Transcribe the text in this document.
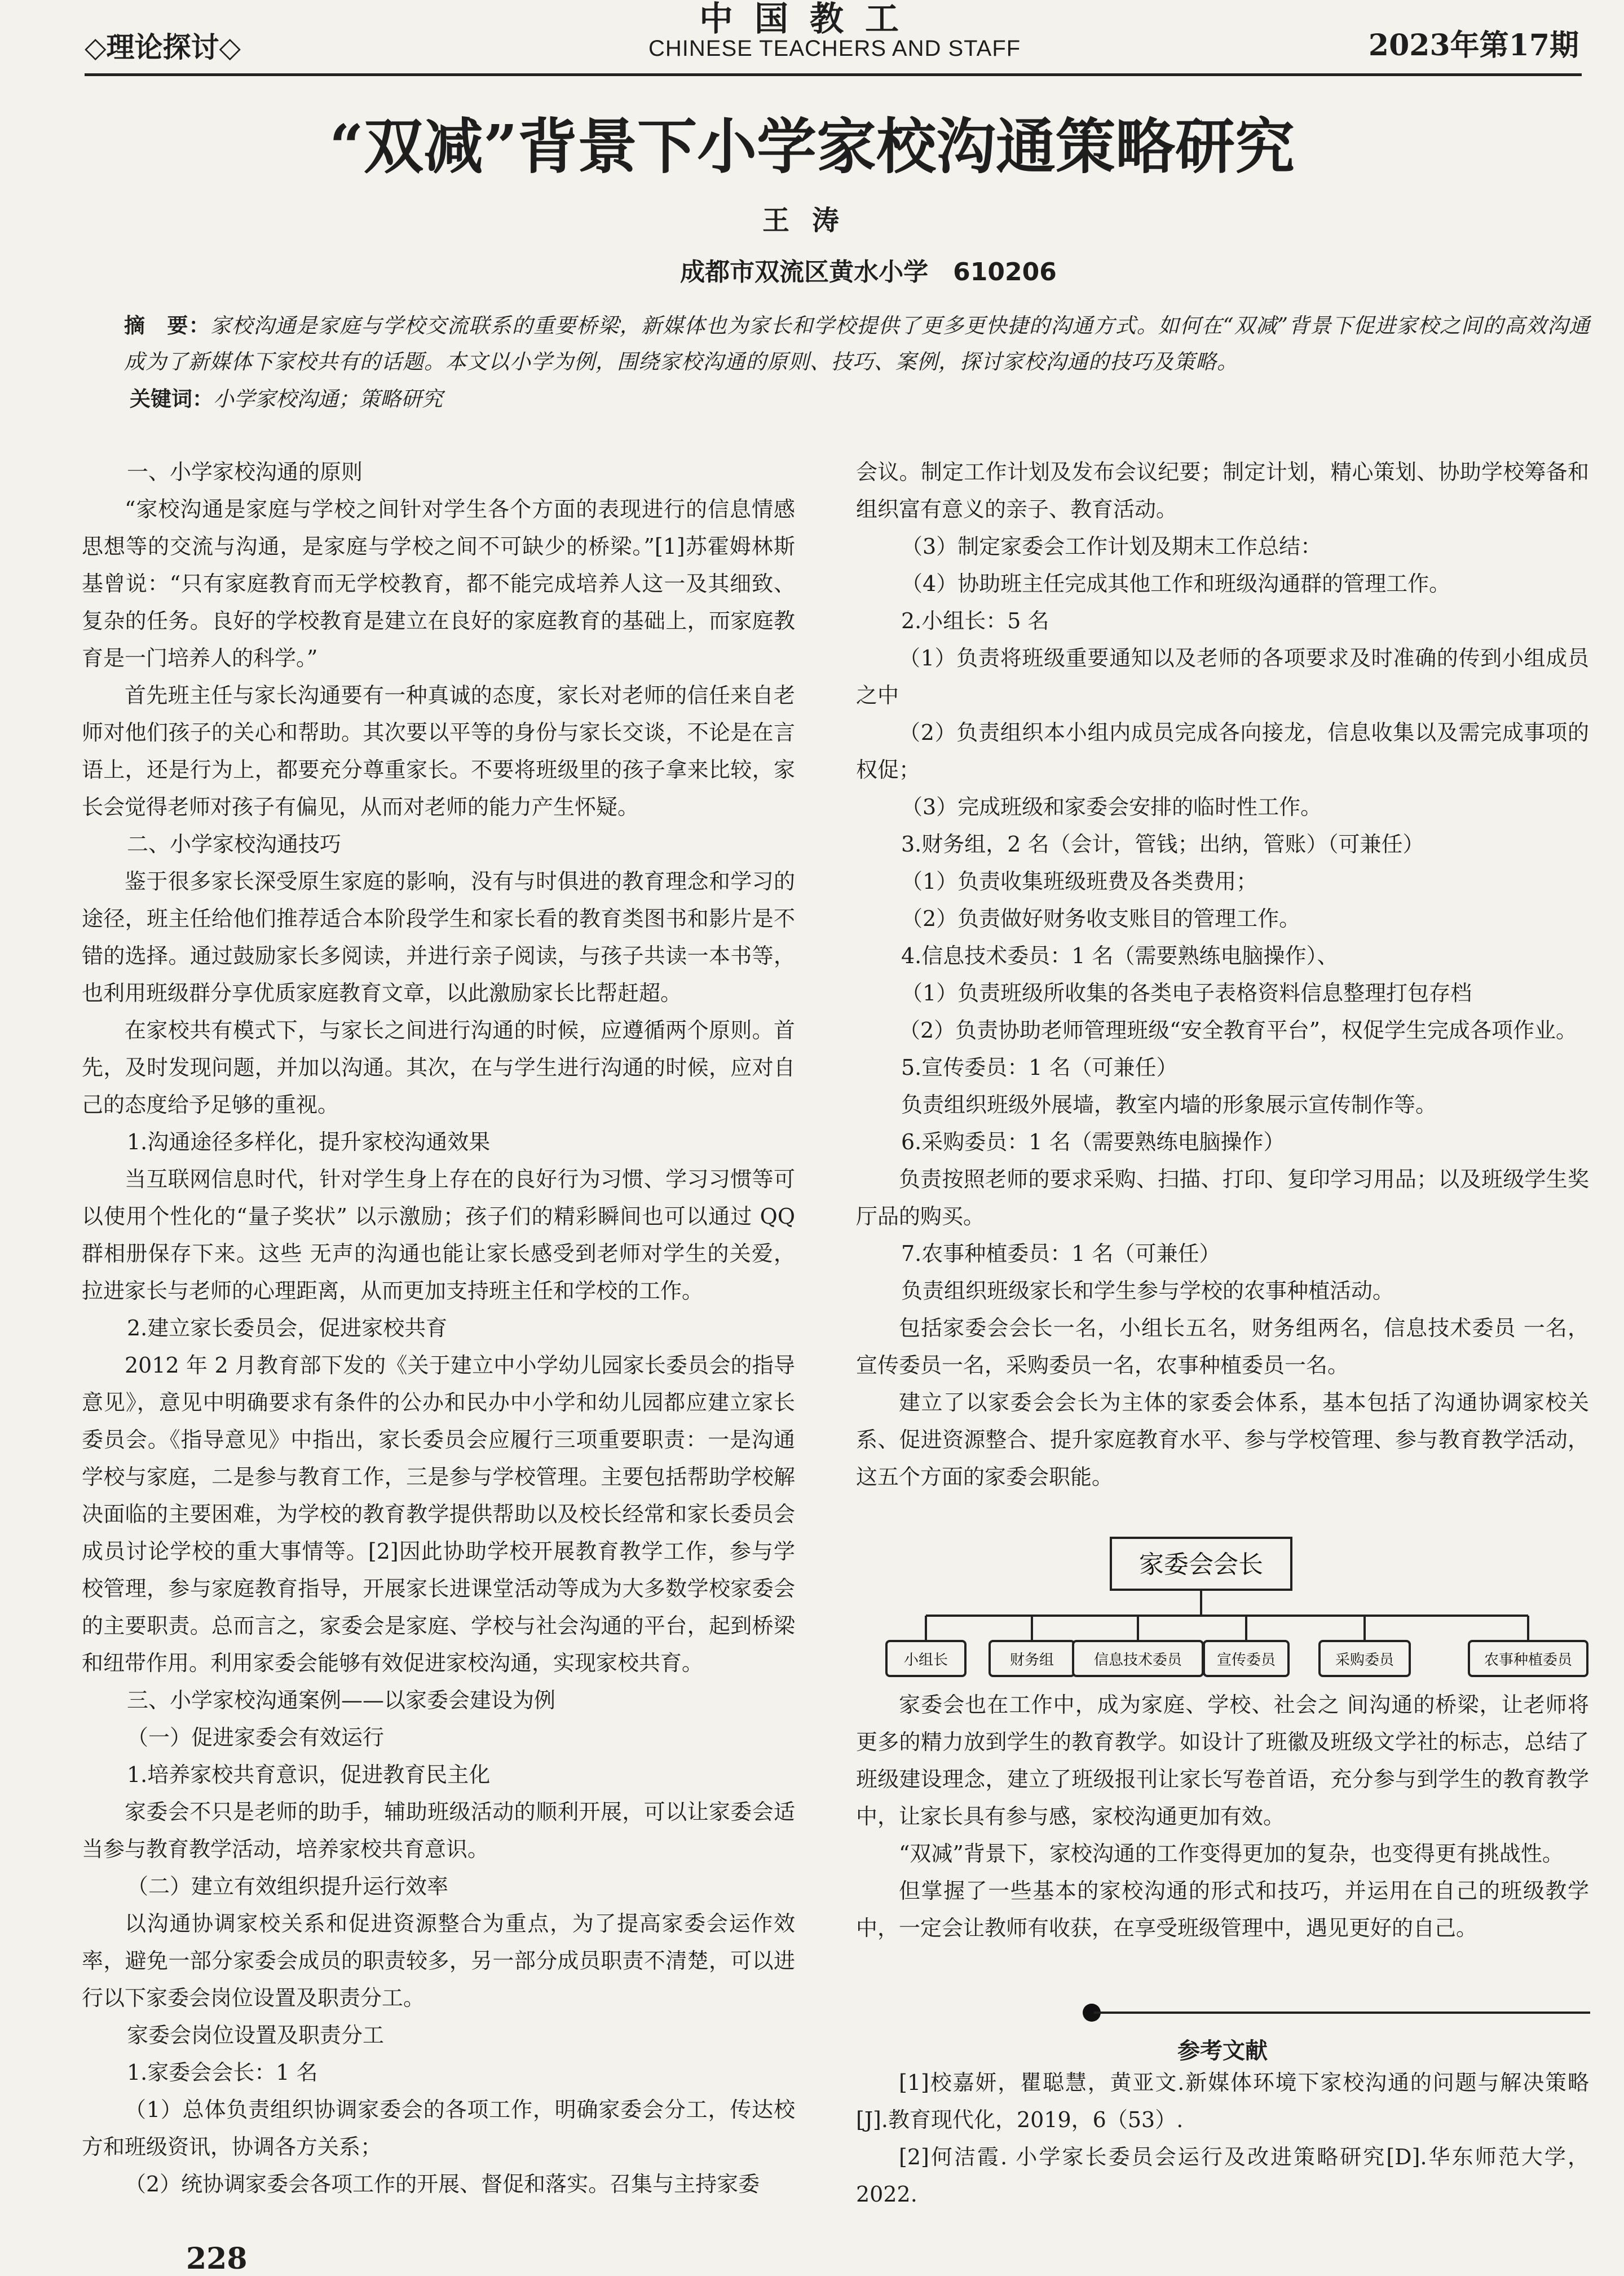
◇理论探讨◇
中国教工
CHINESE TEACHERS AND STAFF	2023年第17期
“双减”背景下小学家校沟通策略研究
王涛
成都市双流区黄水小学　610206
摘　要：家校沟通是家庭与学校交流联系的重要桥梁，新媒体也为家长和学校提供了更多更快捷的沟通方式。如何在“双减”背景下促进家校之间的高效沟通成为了新媒体下家校共有的话题。本文以小学为例，围绕家校沟通的原则、技巧、案例，探讨家校沟通的技巧及策略。
关键词：小学家校沟通；策略研究
一、小学家校沟通的原则
“家校沟通是家庭与学校之间针对学生各个方面的表现进行的信息情感思想等的交流与沟通，是家庭与学校之间不可缺少的桥梁。”[1]苏霍姆林斯基曾说：“只有家庭教育而无学校教育，都不能完成培养人这一及其细致、复杂的任务。良好的学校教育是建立在良好的家庭教育的基础上，而家庭教育是一门培养人的科学。”
首先班主任与家长沟通要有一种真诚的态度，家长对老师的信任来自老师对他们孩子的关心和帮助。其次要以平等的身份与家长交谈，不论是在言语上，还是行为上，都要充分尊重家长。不要将班级里的孩子拿来比较，家长会觉得老师对孩子有偏见，从而对老师的能力产生怀疑。
二、小学家校沟通技巧
鉴于很多家长深受原生家庭的影响，没有与时俱进的教育理念和学习的途径，班主任给他们推荐适合本阶段学生和家长看的教育类图书和影片是不错的选择。通过鼓励家长多阅读，并进行亲子阅读，与孩子共读一本书等，也利用班级群分享优质家庭教育文章，以此激励家长比帮赶超。
在家校共有模式下，与家长之间进行沟通的时候，应遵循两个原则。首先，及时发现问题，并加以沟通。其次，在与学生进行沟通的时候，应对自己的态度给予足够的重视。
1.沟通途径多样化，提升家校沟通效果
当互联网信息时代，针对学生身上存在的良好行为习惯、学习习惯等可以使用个性化的“量子奖状” 以示激励；孩子们的精彩瞬间也可以通过 QQ 群相册保存下来。这些 无声的沟通也能让家长感受到老师对学生的关爱，拉进家长与老师的心理距离，从而更加支持班主任和学校的工作。
2.建立家长委员会，促进家校共育
2012 年 2 月教育部下发的《关于建立中小学幼儿园家长委员会的指导意见》，意见中明确要求有条件的公办和民办中小学和幼儿园都应建立家长委员会。《指导意见》中指出，家长委员会应履行三项重要职责：一是沟通学校与家庭，二是参与教育工作，三是参与学校管理。主要包括帮助学校解决面临的主要困难，为学校的教育教学提供帮助以及校长经常和家长委员会成员讨论学校的重大事情等。[2]因此协助学校开展教育教学工作，参与学校管理，参与家庭教育指导，开展家长进课堂活动等成为大多数学校家委会的主要职责。总而言之，家委会是家庭、学校与社会沟通的平台，起到桥梁和纽带作用。利用家委会能够有效促进家校沟通，实现家校共育。
三、小学家校沟通案例——以家委会建设为例
（一）促进家委会有效运行
1.培养家校共育意识，促进教育民主化
家委会不只是老师的助手，辅助班级活动的顺利开展，可以让家委会适当参与教育教学活动，培养家校共育意识。
（二）建立有效组织提升运行效率
以沟通协调家校关系和促进资源整合为重点，为了提高家委会运作效率，避免一部分家委会成员的职责较多，另一部分成员职责不清楚，可以进行以下家委会岗位设置及职责分工。
家委会岗位设置及职责分工
1.家委会会长：1 名
（1）总体负责组织协调家委会的各项工作，明确家委会分工，传达校方和班级资讯，协调各方关系；
（2）统协调家委会各项工作的开展、督促和落实。召集与主持家委
会议。制定工作计划及发布会议纪要；制定计划，精心策划、协助学校筹备和组织富有意义的亲子、教育活动。
（3）制定家委会工作计划及期末工作总结：
（4）协助班主任完成其他工作和班级沟通群的管理工作。
2.小组长：5 名
（1）负责将班级重要通知以及老师的各项要求及时准确的传到小组成员之中
（2）负责组织本小组内成员完成各向接龙，信息收集以及需完成事项的权促；
（3）完成班级和家委会安排的临时性工作。
3.财务组，2 名（会计，管钱；出纳，管账）（可兼任）
（1）负责收集班级班费及各类费用；
（2）负责做好财务收支账目的管理工作。
4.信息技术委员：1 名（需要熟练电脑操作）、
（1）负责班级所收集的各类电子表格资料信息整理打包存档
（2）负责协助老师管理班级“安全教育平台”，权促学生完成各项作业。
5.宣传委员：1 名（可兼任）
负责组织班级外展墙，教室内墙的形象展示宣传制作等。
6.采购委员：1 名（需要熟练电脑操作）
负责按照老师的要求采购、扫描、打印、复印学习用品；以及班级学生奖厅品的购买。
7.农事种植委员：1 名（可兼任）
负责组织班级家长和学生参与学校的农事种植活动。
包括家委会会长一名，小组长五名，财务组两名，信息技术委员 一名，宣传委员一名，采购委员一名，农事种植委员一名。
建立了以家委会会长为主体的家委会体系，基本包括了沟通协调家校关系、促进资源整合、提升家庭教育水平、参与学校管理、参与教育教学活动，这五个方面的家委会职能。
家委会会长
小组长	财务组	信息技术委员 宣传委员	采购委员	农事种植委员
家委会也在工作中，成为家庭、学校、社会之 间沟通的桥梁，让老师将更多的精力放到学生的教育教学。如设计了班徽及班级文学社的标志，总结了班级建设理念，建立了班级报刊让家长写卷首语，充分参与到学生的教育教学中，让家长具有参与感，家校沟通更加有效。
“双减”背景下，家校沟通的工作变得更加的复杂，也变得更有挑战性。
但掌握了一些基本的家校沟通的形式和技巧，并运用在自己的班级教学中，一定会让教师有收获，在享受班级管理中，遇见更好的自己。
参考文献
[1]校嘉妍，瞿聪慧，黄亚文.新媒体环境下家校沟通的问题与解决策略[J].教育现代化，2019，6（53）.
[2]何洁霞. 小学家长委员会运行及改进策略研究[D].华东师范大学，2022.
228
